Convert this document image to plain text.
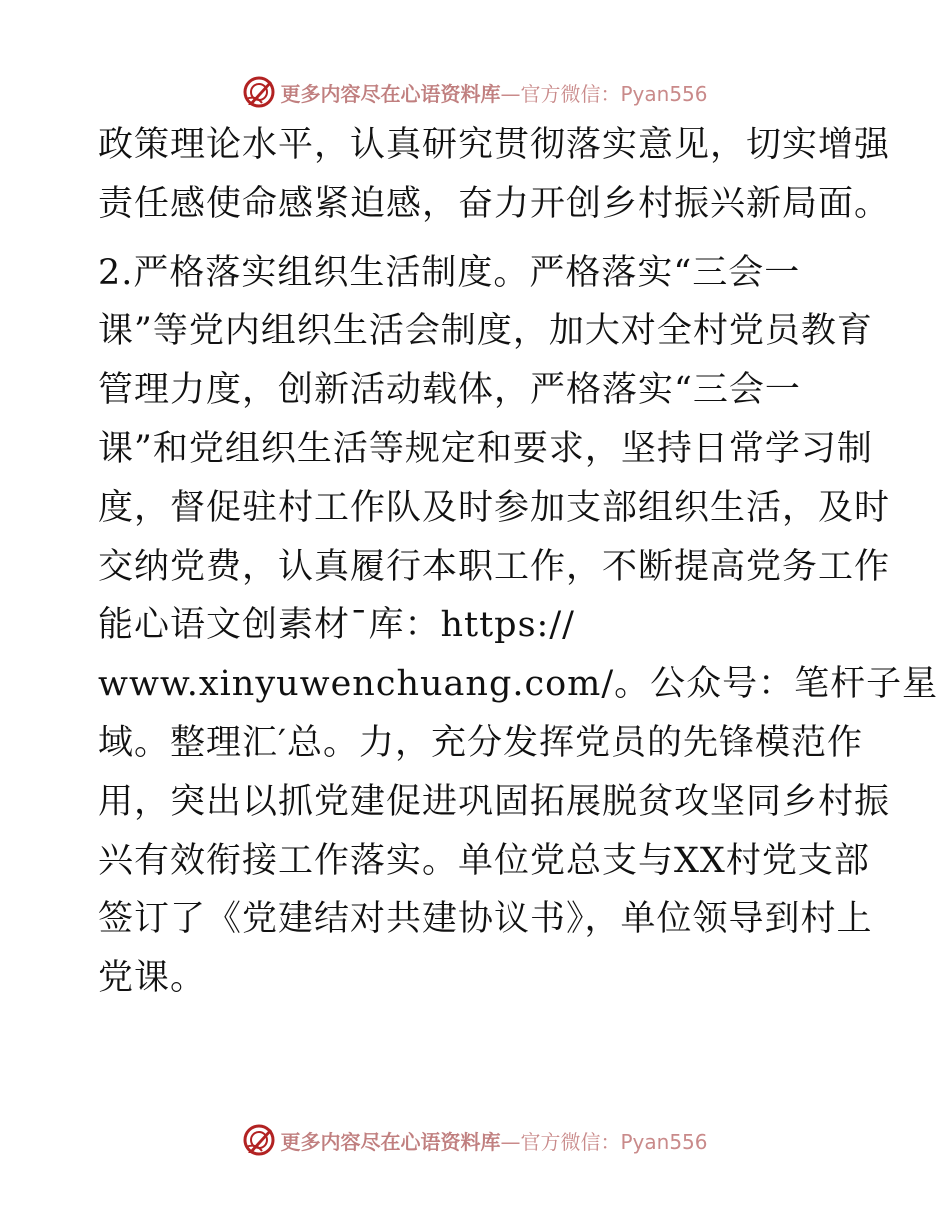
更多内容尽在心语资料库—官方微信：Pyan556
政策理论水平，认真研究贯彻落实意见，切实增强
责任感使命感紧迫感，奋力开创乡村振兴新局面。
2.严格落实组织生活制度。严格落实“三会一
课”等党内组织生活会制度，加大对全村党员教育
管理力度，创新活动载体，严格落实“三会一
课”和党组织生活等规定和要求，坚持日常学习制
度，督促驻村工作队及时参加支部组织生活，及时
交纳党费，认真履行本职工作，不断提高党务工作
能心语文创素材¯库：https://
www.xinyuwenchuang.com/。公众号：笔杆子星
域。整理汇′总。力，充分发挥党员的先锋模范作
用，突出以抓党建促进巩固拓展脱贫攻坚同乡村振
兴有效衔接工作落实。单位党总支与XX村党支部
签订了《党建结对共建协议书》，单位领导到村上
党课。
更多内容尽在心语资料库—官方微信：Pyan556
